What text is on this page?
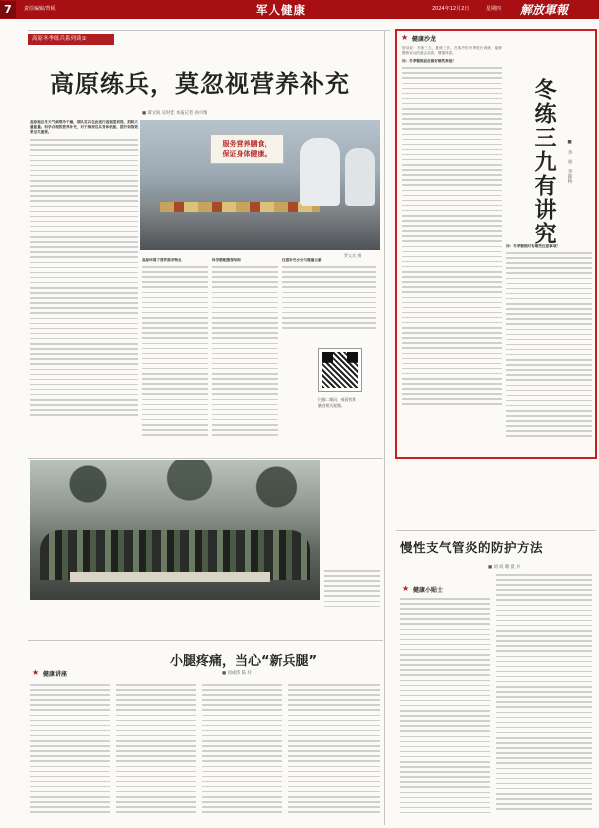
7	责任编辑/背板	军人健康	2024年12月2日	星期四 解放軍報
高原冬季练兵系列谈①
高原练兵，莫忽视营养补充
■ 谭文锐 吴时佳 本报记者 孙兴维
高原地区冬天气候寒冷干燥，部队官兵在此进行高强度训练，消耗大量能量。科学合理的营养补充，对于维持官兵身体机能、提升训练效果至关重要。
服务营养膳食，
保证身体健康。
罗文宾 摄
高原环境下营养需求特点	科学搭配膳食结构	注意补充水分与微量元素
扫描二维码，观看营养
膳食相关视频。
★ 健康沙龙
俗话说：冬练三九，夏练三伏。在寒冷的冬季进行训练，能够锻炼官兵的意志品质，增强体质。
问：冬季锻炼前应做好哪些准备？
冬练三九有讲究 ■ 李 勇 李郁杨
问：冬季锻炼时有哪些注意事项？
慢性支气管炎的防护方法
■ 刘 成 谢 爱 兵
★ 健康小贴士
★ 健康讲座
小腿疼痛，当心“新兵腿”
■ 刘成伟 陈 玲
